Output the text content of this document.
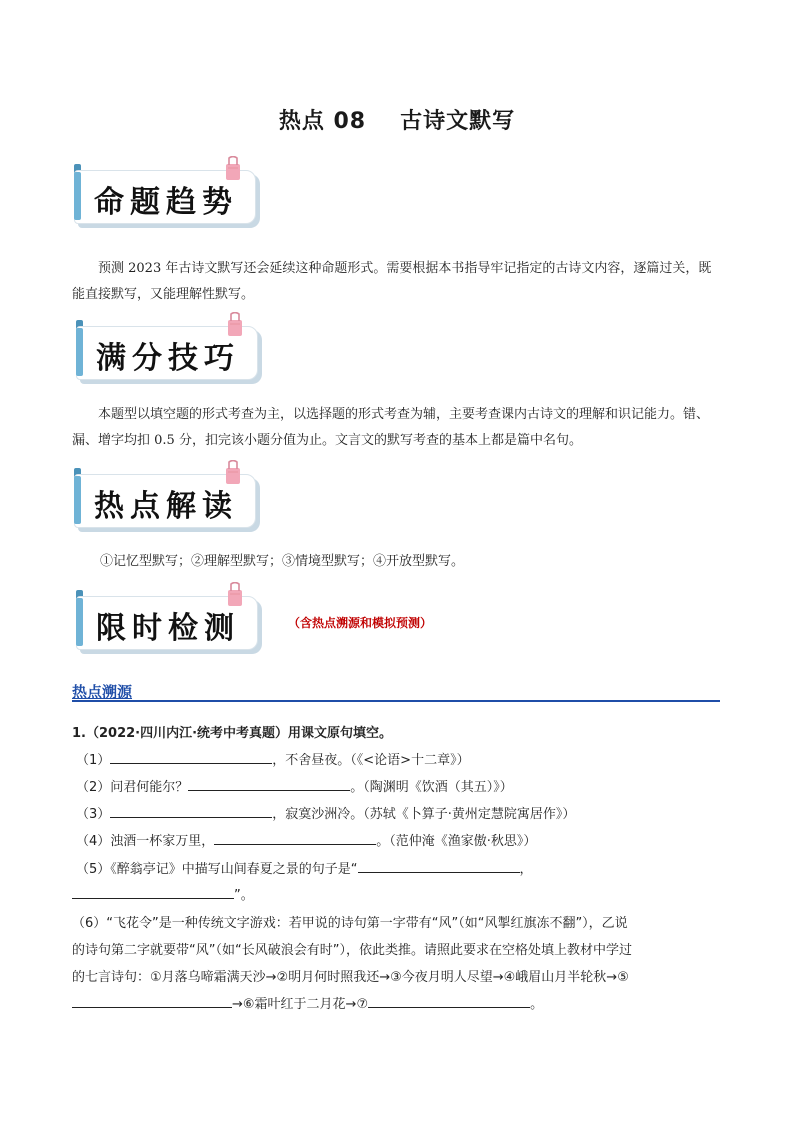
热点 08 古诗文默写
命题趋势
预测 2023 年古诗文默写还会延续这种命题形式。需要根据本书指导牢记指定的古诗文内容，逐篇过关，既能直接默写，又能理解性默写。
满分技巧
本题型以填空题的形式考查为主，以选择题的形式考查为辅，主要考查课内古诗文的理解和识记能力。错、漏、增字均扣 0.5 分，扣完该小题分值为止。文言文的默写考查的基本上都是篇中名句。
热点解读
①记忆型默写；②理解型默写；③情境型默写；④开放型默写。
限时检测	（含热点溯源和模拟预测）
热点溯源
1.（2022·四川内江·统考中考真题）用课文原句填空。
（1）	，不舍昼夜。（《<论语>十二章》）
（2）问君何能尔？	。（陶渊明《饮酒（其五）》）
（3）	，寂寞沙洲冷。（苏轼《卜算子·黄州定慧院寓居作》）
（4）浊酒一杯家万里，	。（范仲淹《渔家傲·秋思》）
（5）《醉翁亭记》中描写山间春夏之景的句子是“	，
”。
（6）“飞花令”是一种传统文字游戏：若甲说的诗句第一字带有“风”（如“风掣红旗冻不翻”），乙说
的诗句第二字就要带“风”（如“长风破浪会有时”），依此类推。请照此要求在空格处填上教材中学过
的七言诗句：①月落乌啼霜满天沙→②明月何时照我还→③今夜月明人尽望→④峨眉山月半轮秋→⑤
→⑥霜叶红于二月花→⑦	。
